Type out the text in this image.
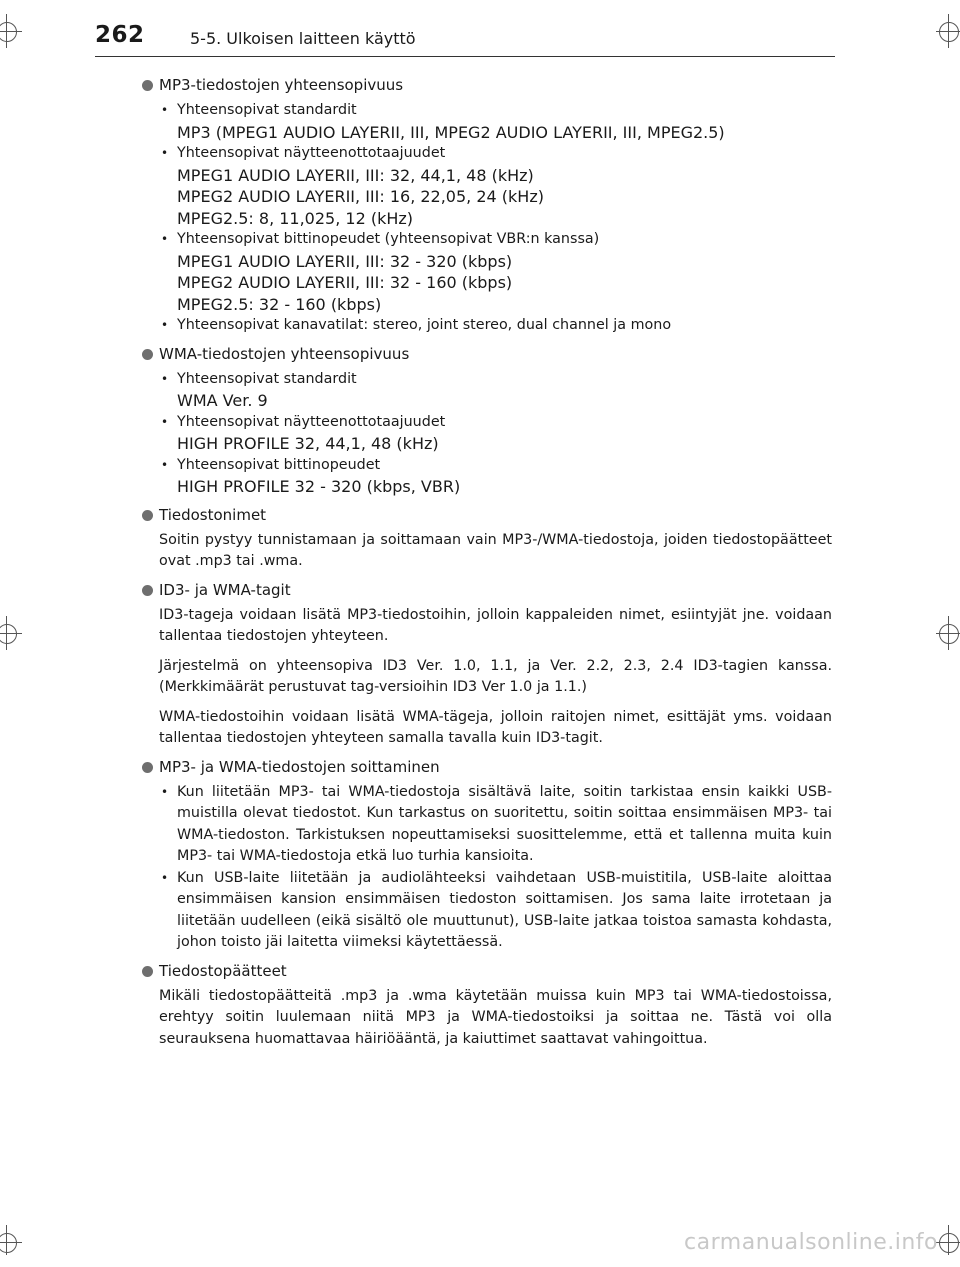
262	5-5. Ulkoisen laitteen käyttö
MP3-tiedostojen yhteensopivuus
• Yhteensopivat standardit
MP3 (MPEG1 AUDIO LAYERII, III, MPEG2 AUDIO LAYERII, III, MPEG2.5)
• Yhteensopivat näytteenottotaajuudet
MPEG1 AUDIO LAYERII, III: 32, 44,1, 48 (kHz)
MPEG2 AUDIO LAYERII, III: 16, 22,05, 24 (kHz)
MPEG2.5: 8, 11,025, 12 (kHz)
• Yhteensopivat bittinopeudet (yhteensopivat VBR:n kanssa)
MPEG1 AUDIO LAYERII, III: 32 - 320 (kbps)
MPEG2 AUDIO LAYERII, III: 32 - 160 (kbps)
MPEG2.5: 32 - 160 (kbps)
• Yhteensopivat kanavatilat: stereo, joint stereo, dual channel ja mono
WMA-tiedostojen yhteensopivuus
• Yhteensopivat standardit
WMA Ver. 9
• Yhteensopivat näytteenottotaajuudet
HIGH PROFILE 32, 44,1, 48 (kHz)
• Yhteensopivat bittinopeudet
HIGH PROFILE 32 - 320 (kbps, VBR)
Tiedostonimet
Soitin pystyy tunnistamaan ja soittamaan vain MP3-/WMA-tiedostoja, joiden tiedostopäätteet ovat .mp3 tai .wma.
ID3- ja WMA-tagit
ID3-tageja voidaan lisätä MP3-tiedostoihin, jolloin kappaleiden nimet, esiintyjät jne. voidaan tallentaa tiedostojen yhteyteen.
Järjestelmä on yhteensopiva ID3 Ver. 1.0, 1.1, ja Ver. 2.2, 2.3, 2.4 ID3-tagien kanssa. (Merkkimäärät perustuvat tag-versioihin ID3 Ver 1.0 ja 1.1.)
WMA-tiedostoihin voidaan lisätä WMA-tägeja, jolloin raitojen nimet, esittäjät yms. voidaan tallentaa tiedostojen yhteyteen samalla tavalla kuin ID3-tagit.
MP3- ja WMA-tiedostojen soittaminen
• Kun liitetään MP3- tai WMA-tiedostoja sisältävä laite, soitin tarkistaa ensin kaikki USB-muistilla olevat tiedostot. Kun tarkastus on suoritettu, soitin soittaa ensimmäisen MP3- tai WMA-tiedoston. Tarkistuksen nopeuttamiseksi suosittelemme, että et tallenna muita kuin MP3- tai WMA-tiedostoja etkä luo turhia kansioita.
• Kun USB-laite liitetään ja audiolähteeksi vaihdetaan USB-muistitila, USB-laite aloittaa ensimmäisen kansion ensimmäisen tiedoston soittamisen. Jos sama laite irrotetaan ja liitetään uudelleen (eikä sisältö ole muuttunut), USB-laite jatkaa toistoa samasta kohdasta, johon toisto jäi laitetta viimeksi käytettäessä.
Tiedostopäätteet
Mikäli tiedostopäätteitä .mp3 ja .wma käytetään muissa kuin MP3 tai WMA-tiedostoissa, erehtyy soitin luulemaan niitä MP3 ja WMA-tiedostoiksi ja soittaa ne. Tästä voi olla seurauksena huomattavaa häiriöääntä, ja kaiuttimet saattavat vahingoittua.
carmanualsonline.info
